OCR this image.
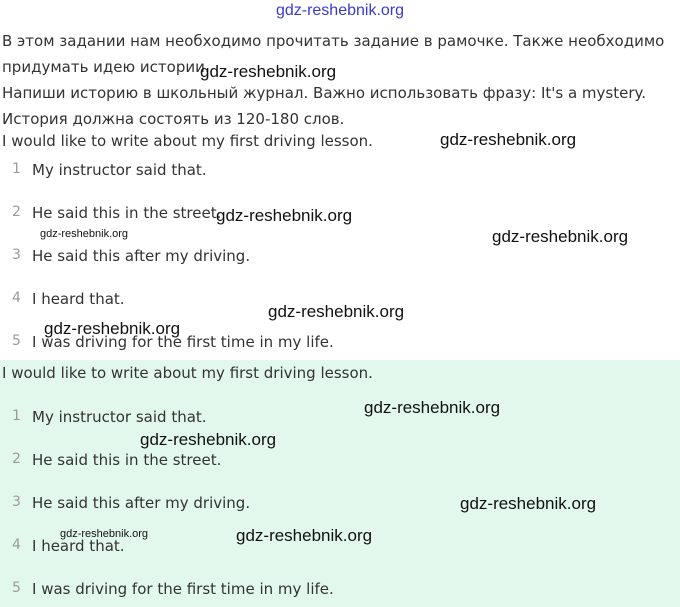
gdz-reshebnik.org

В этом задании нам необходимо прочитать задание в рамочке. Также необходимо придумать идею истории.

Напиши историю в школьный журнал. Важно использовать фразу: It's a mystery. История должна состоять из 120-180 слов.

I would like to write about my first driving lesson.
1 My instructor said that.
2 He said this in the street.
3 He said this after my driving.
4 I heard that.
5 I was driving for the first time in my life.
I would like to write about my first driving lesson.
1 My instructor said that.
2 He said this in the street.
3 He said this after my driving.
4 I heard that.
5 I was driving for the first time in my life.
gdz-reshebnik.org
gdz-reshebnik.org
gdz-reshebnik.org
gdz-reshebnik.org	gdz-reshebnik.org
gdz-reshebnik.org
gdz-reshebnik.org
gdz-reshebnik.org
gdz-reshebnik.org
gdz-reshebnik.org
gdz-reshebnik.org	gdz-reshebnik.org
